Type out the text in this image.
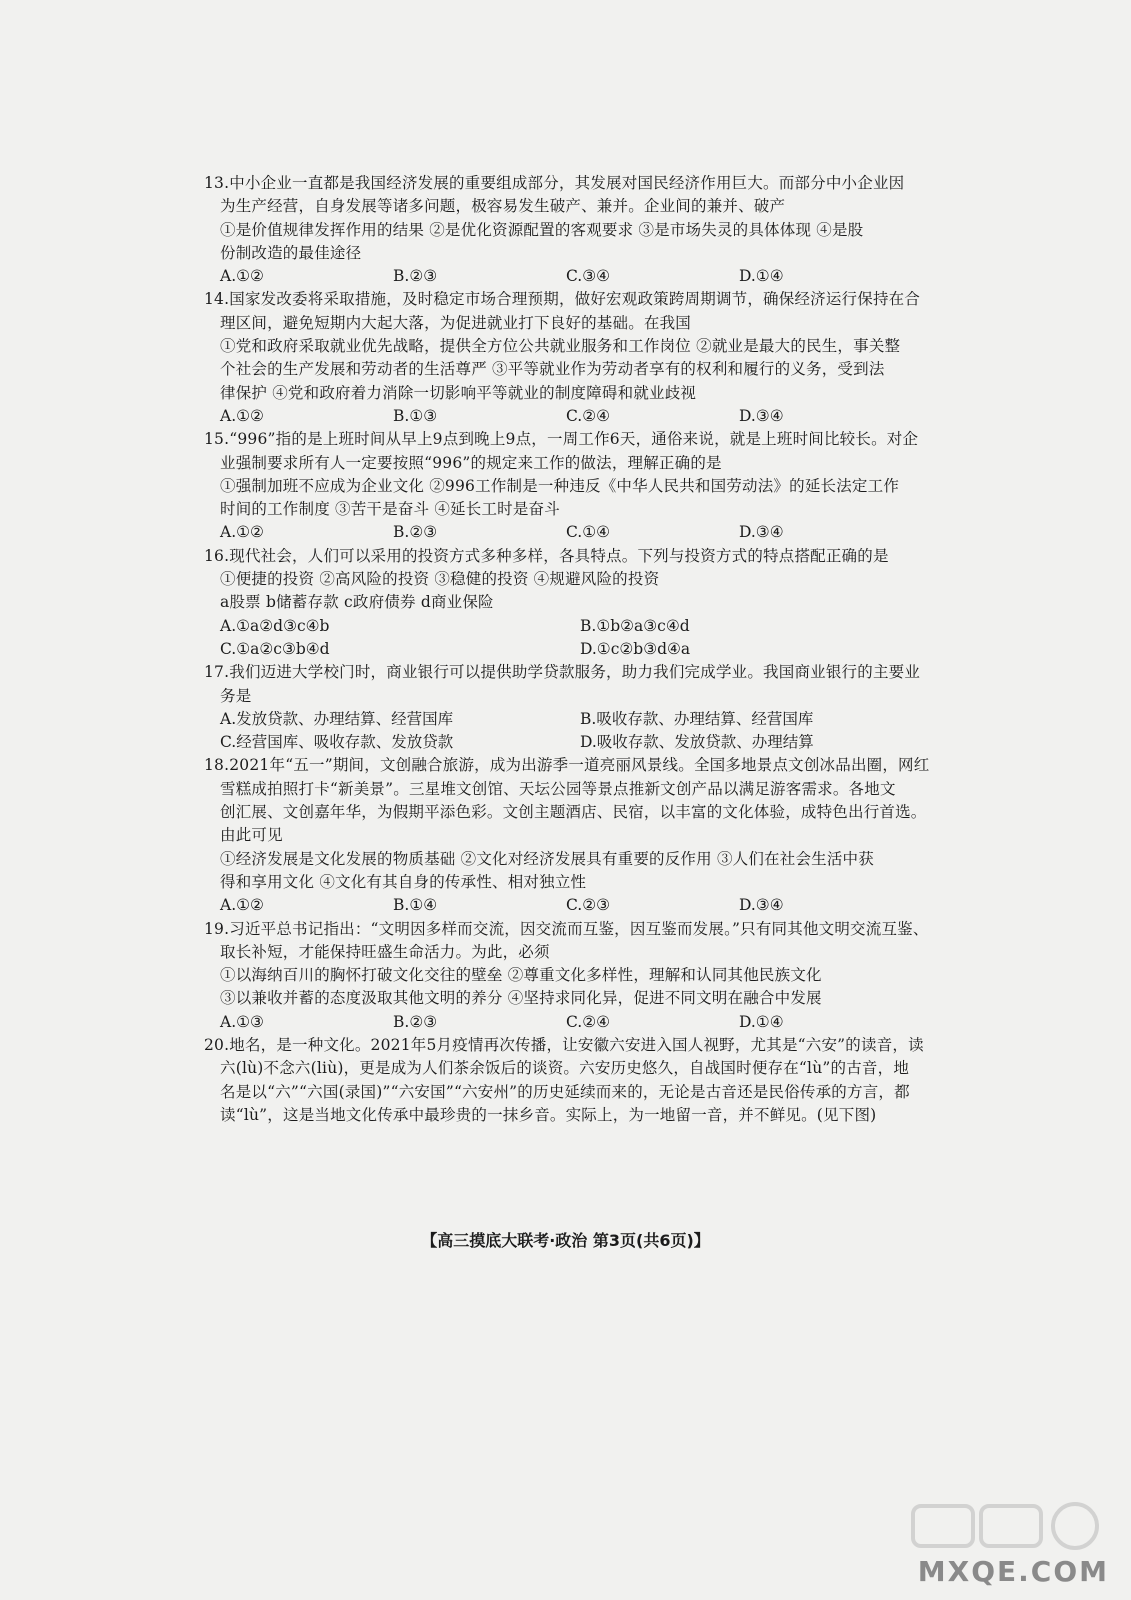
13.中小企业一直都是我国经济发展的重要组成部分，其发展对国民经济作用巨大。而部分中小企业因
为生产经营，自身发展等诸多问题，极容易发生破产、兼并。企业间的兼并、破产
①是价值规律发挥作用的结果 ②是优化资源配置的客观要求 ③是市场失灵的具体体现 ④是股
份制改造的最佳途径
A.①②	B.②③	C.③④	D.①④
14.国家发改委将采取措施，及时稳定市场合理预期，做好宏观政策跨周期调节，确保经济运行保持在合
理区间，避免短期内大起大落，为促进就业打下良好的基础。在我国
①党和政府采取就业优先战略，提供全方位公共就业服务和工作岗位 ②就业是最大的民生，事关整
个社会的生产发展和劳动者的生活尊严 ③平等就业作为劳动者享有的权利和履行的义务，受到法
律保护 ④党和政府着力消除一切影响平等就业的制度障碍和就业歧视
A.①②	B.①③	C.②④	D.③④
15.“996”指的是上班时间从早上9点到晚上9点，一周工作6天，通俗来说，就是上班时间比较长。对企
业强制要求所有人一定要按照“996”的规定来工作的做法，理解正确的是
①强制加班不应成为企业文化 ②996工作制是一种违反《中华人民共和国劳动法》的延长法定工作
时间的工作制度 ③苦干是奋斗 ④延长工时是奋斗
A.①②	B.②③	C.①④	D.③④
16.现代社会，人们可以采用的投资方式多种多样，各具特点。下列与投资方式的特点搭配正确的是
①便捷的投资 ②高风险的投资 ③稳健的投资 ④规避风险的投资
a股票 b储蓄存款 c政府债券 d商业保险
A.①a②d③c④b	B.①b②a③c④d
C.①a②c③b④d	D.①c②b③d④a
17.我们迈进大学校门时，商业银行可以提供助学贷款服务，助力我们完成学业。我国商业银行的主要业
务是
A.发放贷款、办理结算、经营国库	B.吸收存款、办理结算、经营国库
C.经营国库、吸收存款、发放贷款	D.吸收存款、发放贷款、办理结算
18.2021年“五一”期间，文创融合旅游，成为出游季一道亮丽风景线。全国多地景点文创冰品出圈，网红
雪糕成拍照打卡“新美景”。三星堆文创馆、天坛公园等景点推新文创产品以满足游客需求。各地文
创汇展、文创嘉年华，为假期平添色彩。文创主题酒店、民宿，以丰富的文化体验，成特色出行首选。
由此可见
①经济发展是文化发展的物质基础 ②文化对经济发展具有重要的反作用 ③人们在社会生活中获
得和享用文化 ④文化有其自身的传承性、相对独立性
A.①②	B.①④	C.②③	D.③④
19.习近平总书记指出：“文明因多样而交流，因交流而互鉴，因互鉴而发展。”只有同其他文明交流互鉴、
取长补短，才能保持旺盛生命活力。为此，必须
①以海纳百川的胸怀打破文化交往的壁垒 ②尊重文化多样性，理解和认同其他民族文化
③以兼收并蓄的态度汲取其他文明的养分 ④坚持求同化异，促进不同文明在融合中发展
A.①③	B.②③	C.②④	D.①④
20.地名，是一种文化。2021年5月疫情再次传播，让安徽六安进入国人视野，尤其是“六安”的读音，读
六(lù)不念六(liù)，更是成为人们茶余饭后的谈资。六安历史悠久，自战国时便存在“lù”的古音，地
名是以“六”“六国(录国)”“六安国”“六安州”的历史延续而来的，无论是古音还是民俗传承的方言，都
读“lù”，这是当地文化传承中最珍贵的一抹乡音。实际上，为一地留一音，并不鲜见。(见下图)
【高三摸底大联考·政治 第3页(共6页)】
MXQE.COM
